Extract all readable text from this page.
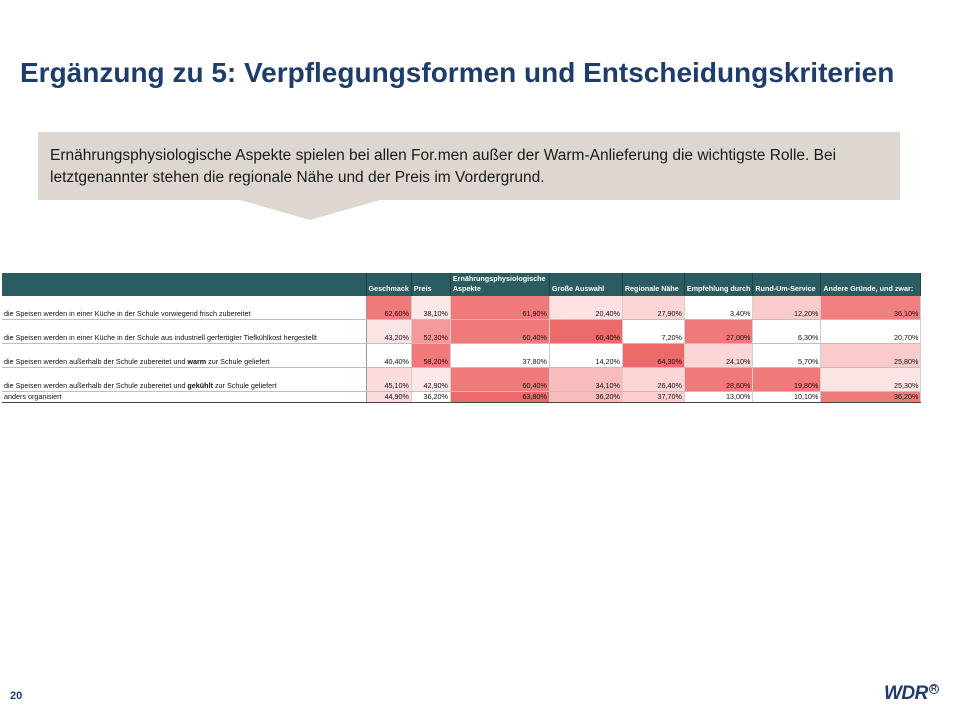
Ergänzung zu 5: Verpflegungsformen und Entscheidungskriterien
Ernährungsphysiologische Aspekte spielen bei allen For.men außer der Warm-Anlieferung die wichtigste Rolle. Bei letztgenannter stehen die regionale Nähe und der Preis im Vordergrund.
	Geschmack	Preis	Ernährungsphysiologische Aspekte	Große Auswahl	Regionale Nähe	Empfehlung durch	Rund-Um-Service	Andere Gründe, und zwar:
die Speisen werden in einer Küche in der Schule vorwiegend frisch zubereitet	62,60%	38,10%	61,90%	20,40%	27,90%	3,40%	12,20%	36,10%
die Speisen werden in einer Küche in der Schule aus industriell gerfertigter Tiefkühlkost hergestellt	43,20%	52,30%	60,40%	60,40%	7,20%	27,00%	6,30%	20,70%
die Speisen werden außerhalb der Schule zubereitet und warm zur Schule geliefert	40,40%	58,20%	37,80%	14,20%	64,30%	24,10%	5,70%	25,80%
die Speisen werden außerhalb der Schule zubereitet und gekühlt zur Schule geliefert	45,10%	42,90%	60,40%	34,10%	26,40%	28,60%	19,80%	25,30%
anders organisiert	44,90%	36,20%	63,80%	36,20%	37,70%	13,00%	10,10%	36,20%
20	WDR R
